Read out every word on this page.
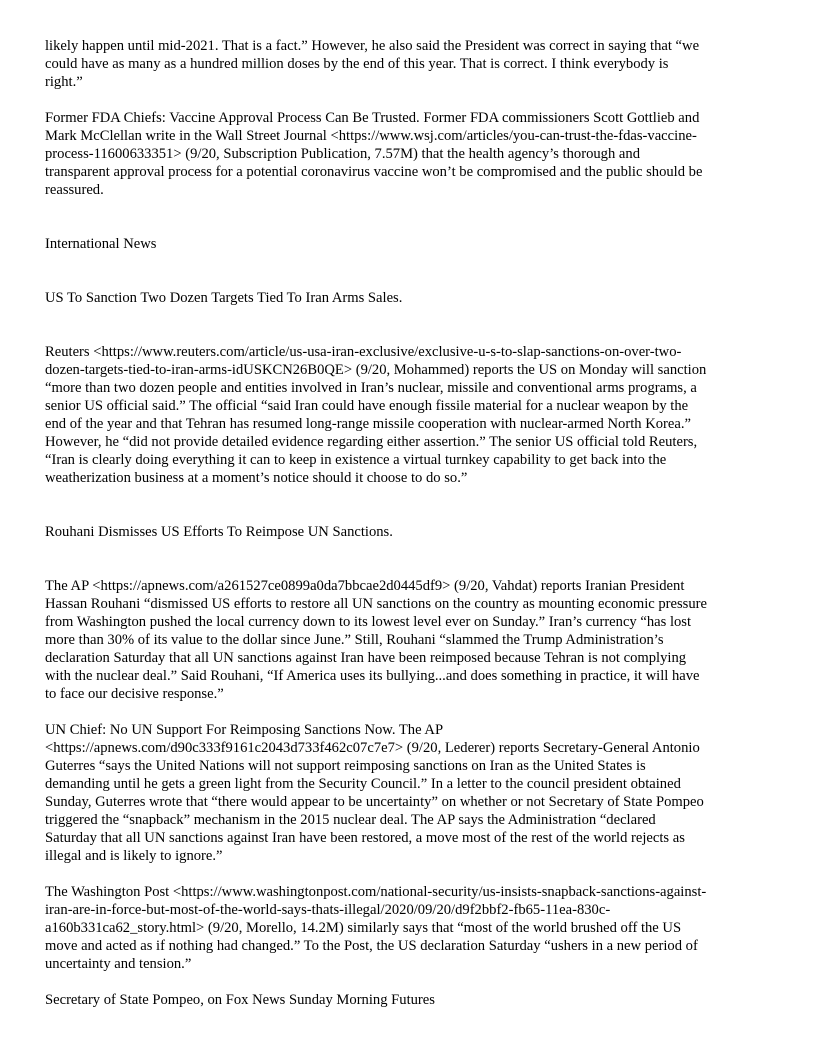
likely happen until mid-2021. That is a fact.” However, he also said the President was correct in saying that “we
could have as many as a hundred million doses by the end of this year. That is correct. I think everybody is
right.”

Former FDA Chiefs: Vaccine Approval Process Can Be Trusted. Former FDA commissioners Scott Gottlieb and
Mark McClellan write in the Wall Street Journal <https://www.wsj.com/articles/you-can-trust-the-fdas-vaccine-
process-11600633351> (9/20, Subscription Publication, 7.57M) that the health agency’s thorough and
transparent approval process for a potential coronavirus vaccine won’t be compromised and the public should be
reassured.

International News

US To Sanction Two Dozen Targets Tied To Iran Arms Sales.

Reuters <https://www.reuters.com/article/us-usa-iran-exclusive/exclusive-u-s-to-slap-sanctions-on-over-two-
dozen-targets-tied-to-iran-arms-idUSKCN26B0QE> (9/20, Mohammed) reports the US on Monday will sanction
“more than two dozen people and entities involved in Iran’s nuclear, missile and conventional arms programs, a
senior US official said.” The official “said Iran could have enough fissile material for a nuclear weapon by the
end of the year and that Tehran has resumed long-range missile cooperation with nuclear-armed North Korea.”
However, he “did not provide detailed evidence regarding either assertion.” The senior US official told Reuters,
“Iran is clearly doing everything it can to keep in existence a virtual turnkey capability to get back into the
weatherization business at a moment’s notice should it choose to do so.”

Rouhani Dismisses US Efforts To Reimpose UN Sanctions.

The AP <https://apnews.com/a261527ce0899a0da7bbcae2d0445df9> (9/20, Vahdat) reports Iranian President
Hassan Rouhani “dismissed US efforts to restore all UN sanctions on the country as mounting economic pressure
from Washington pushed the local currency down to its lowest level ever on Sunday.” Iran’s currency “has lost
more than 30% of its value to the dollar since June.” Still, Rouhani “slammed the Trump Administration’s
declaration Saturday that all UN sanctions against Iran have been reimposed because Tehran is not complying
with the nuclear deal.” Said Rouhani, “If America uses its bullying...and does something in practice, it will have
to face our decisive response.”

UN Chief: No UN Support For Reimposing Sanctions Now. The AP
<https://apnews.com/d90c333f9161c2043d733f462c07c7e7> (9/20, Lederer) reports Secretary-General Antonio
Guterres “says the United Nations will not support reimposing sanctions on Iran as the United States is
demanding until he gets a green light from the Security Council.” In a letter to the council president obtained
Sunday, Guterres wrote that “there would appear to be uncertainty” on whether or not Secretary of State Pompeo
triggered the “snapback” mechanism in the 2015 nuclear deal. The AP says the Administration “declared
Saturday that all UN sanctions against Iran have been restored, a move most of the rest of the world rejects as
illegal and is likely to ignore.”

The Washington Post <https://www.washingtonpost.com/national-security/us-insists-snapback-sanctions-against-
iran-are-in-force-but-most-of-the-world-says-thats-illegal/2020/09/20/d9f2bbf2-fb65-11ea-830c-
a160b331ca62_story.html> (9/20, Morello, 14.2M) similarly says that “most of the world brushed off the US
move and acted as if nothing had changed.” To the Post, the US declaration Saturday “ushers in a new period of
uncertainty and tension.”

Secretary of State Pompeo, on Fox News Sunday Morning Futures
